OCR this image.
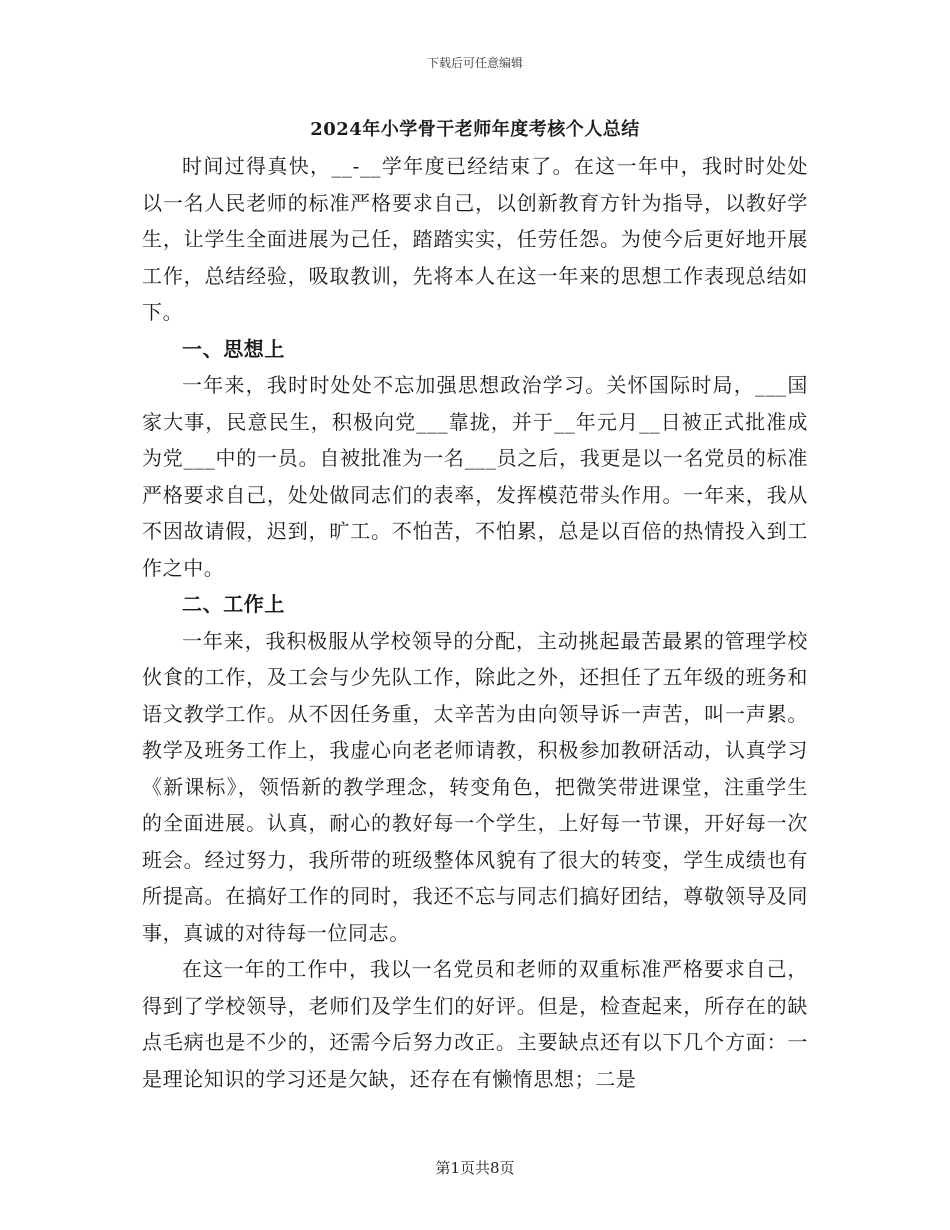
下载后可任意编辑
2024年小学骨干老师年度考核个人总结

时间过得真快，__-__学年度已经结束了。在这一年中，我时时处处以一名人民老师的标准严格要求自己，以创新教育方针为指导，以教好学生，让学生全面进展为己任，踏踏实实，任劳任怨。为使今后更好地开展工作，总结经验，吸取教训，先将本人在这一年来的思想工作表现总结如下。

一、思想上

一年来，我时时处处不忘加强思想政治学习。关怀国际时局，___国家大事，民意民生，积极向党___靠拢，并于__年元月__日被正式批准成为党___中的一员。自被批准为一名___员之后，我更是以一名党员的标准严格要求自己，处处做同志们的表率，发挥模范带头作用。一年来，我从不因故请假，迟到，旷工。不怕苦，不怕累，总是以百倍的热情投入到工作之中。

二、工作上

一年来，我积极服从学校领导的分配，主动挑起最苦最累的管理学校伙食的工作，及工会与少先队工作，除此之外，还担任了五年级的班务和语文教学工作。从不因任务重，太辛苦为由向领导诉一声苦，叫一声累。教学及班务工作上，我虚心向老老师请教，积极参加教研活动，认真学习《新课标》，领悟新的教学理念，转变角色，把微笑带进课堂，注重学生的全面进展。认真，耐心的教好每一个学生，上好每一节课，开好每一次班会。经过努力，我所带的班级整体风貌有了很大的转变，学生成绩也有所提高。在搞好工作的同时，我还不忘与同志们搞好团结，尊敬领导及同事，真诚的对待每一位同志。

在这一年的工作中，我以一名党员和老师的双重标准严格要求自己，得到了学校领导，老师们及学生们的好评。但是，检查起来，所存在的缺点毛病也是不少的，还需今后努力改正。主要缺点还有以下几个方面：一是理论知识的学习还是欠缺，还存在有懒惰思想；二是

第1页共8页
